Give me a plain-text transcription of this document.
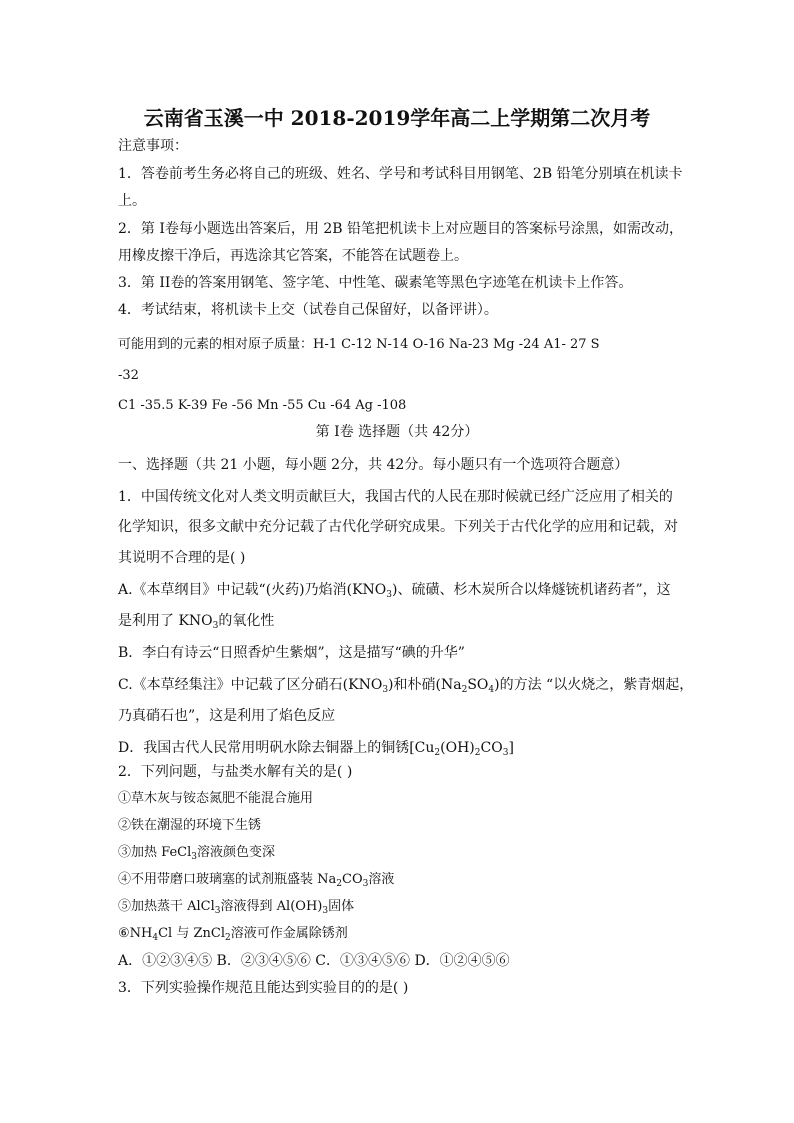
云南省玉溪一中 2018-2019学年高二上学期第二次月考
注意事项：
1．答卷前考生务必将自己的班级、姓名、学号和考试科目用钢笔、2B 铅笔分别填在机读卡
上。
2．第 I卷每小题选出答案后，用 2B 铅笔把机读卡上对应题目的答案标号涂黑，如需改动，
用橡皮擦干净后，再选涂其它答案，不能答在试题卷上。
3．第 II卷的答案用钢笔、签字笔、中性笔、碳素笔等黑色字迹笔在机读卡上作答。
4．考试结束，将机读卡上交（试卷自己保留好，以备评讲）。
可能用到的元素的相对原子质量：H-1 C-12 N-14 O-16 Na-23 Mg -24 A1- 27 S
-32
C1 -35.5 K-39 Fe -56 Mn -55 Cu -64 Ag -108
第 I卷 选择题（共 42分）
一、选择题（共 21 小题，每小题 2分，共 42分。每小题只有一个选项符合题意）
1．中国传统文化对人类文明贡献巨大，我国古代的人民在那时候就已经广泛应用了相关的
化学知识，很多文献中充分记载了古代化学研究成果。下列关于古代化学的应用和记载，对
其说明不合理的是( )
A.《本草纲目》中记载“(火药)乃焰消$(KNO_3)$、硫磺、杉木炭所合以烽燧铳机诸药者”，这
是利用了 $KNO_3$的氧化性
B．李白有诗云“日照香炉生紫烟”，这是描写“碘的升华”
C.《本草经集注》中记载了区分硝石$(KNO_3)$和朴硝$(Na_2SO_4)$的方法 “以火烧之，紫青烟起，
乃真硝石也”，这是利用了焰色反应
D．我国古代人民常用明矾水除去铜器上的铜锈$[Cu_2(OH)_2CO_3]$
2．下列问题，与盐类水解有关的是( )
①草木灰与铵态氮肥不能混合施用
②铁在潮湿的环境下生锈
③加热 FeCl$_3$溶液颜色变深
④不用带磨口玻璃塞的试剂瓶盛装 $Na_2CO_3$溶液
⑤加热蒸干 AlCl$_3$溶液得到 $Al(OH)_3$固体
$⑥NH_4Cl$ 与 ZnCl$_2$溶液可作金属除锈剂
A．①②③④⑤ B．②③④⑤⑥ C．①③④⑤⑥ D．①②④⑤⑥
3．下列实验操作规范且能达到实验目的的是( )
